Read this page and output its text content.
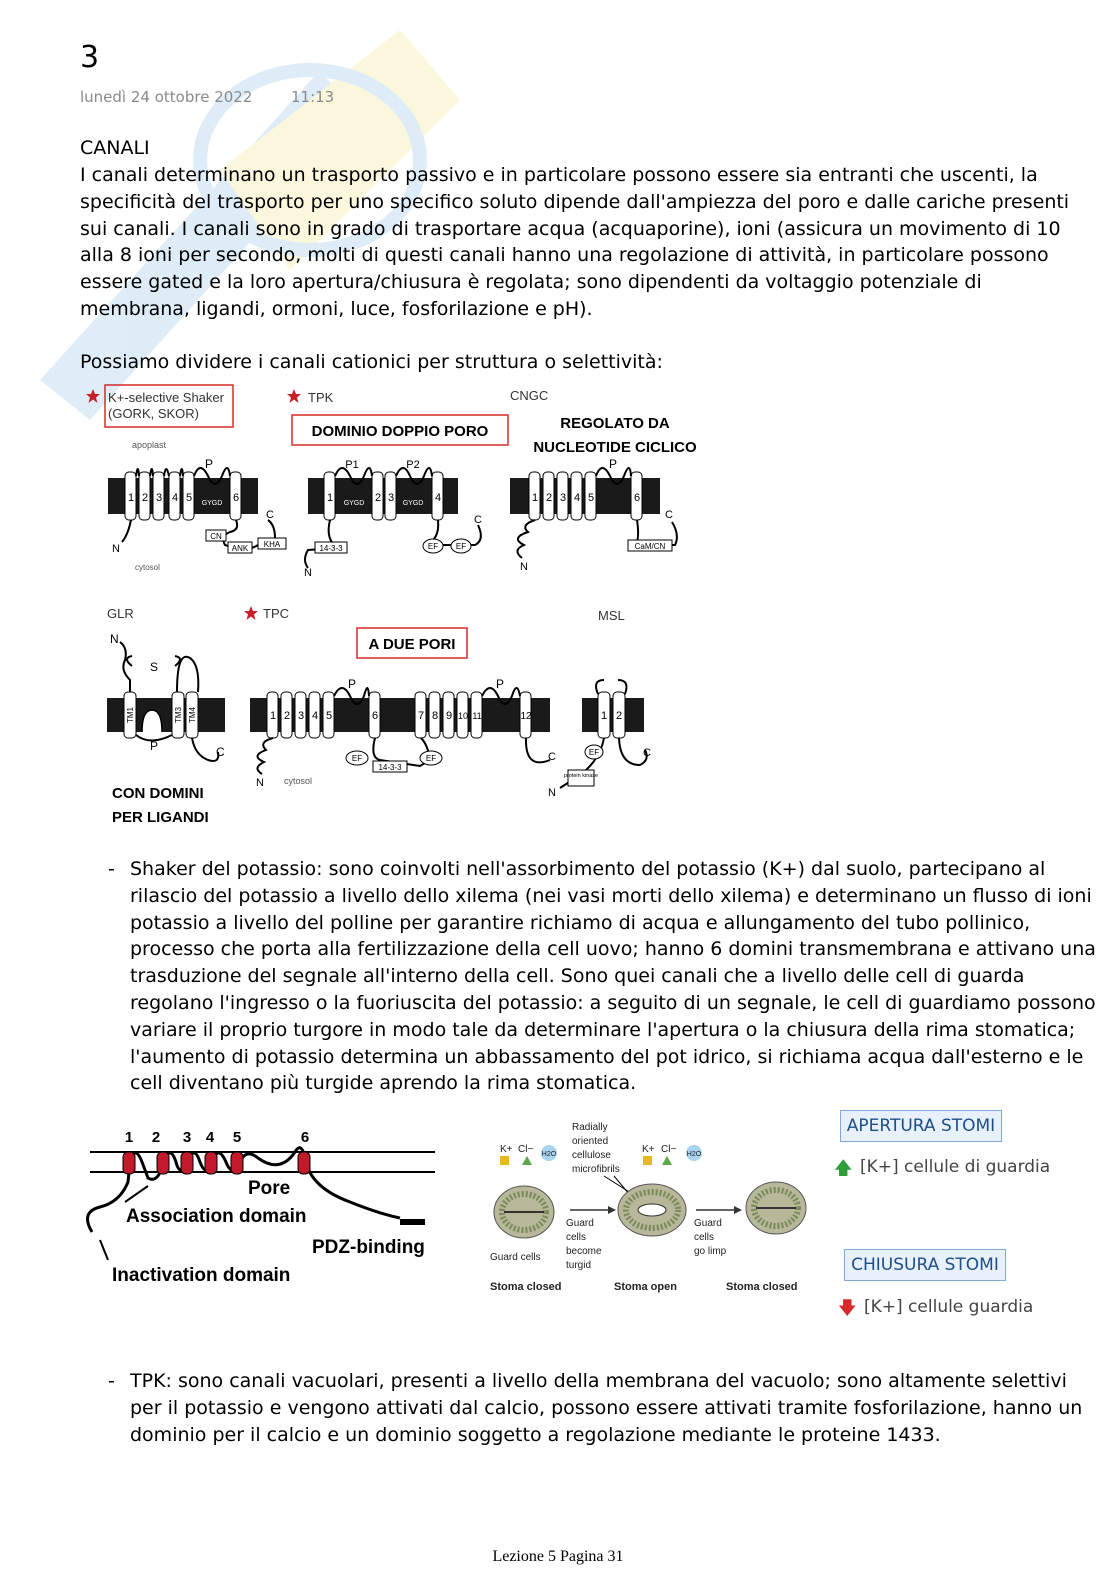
3
lunedì 24 ottobre 2022	11:13
CANALI
I canali determinano un trasporto passivo e in particolare possono essere sia entranti che uscenti, la specificità del trasporto per uno specifico soluto dipende dall'ampiezza del poro e dalle cariche presenti sui canali. I canali sono in grado di trasportare acqua (acquaporine), ioni (assicura un movimento di 10 alla 8 ioni per secondo, molti di questi canali hanno una regolazione di attività, in particolare possono essere gated e la loro apertura/chiusura è regolata; sono dipendenti da voltaggio potenziale di membrana, ligandi, ormoni, luce, fosforilazione e pH).
Possiamo dividere i canali cationici per struttura o selettività:
K+-selective Shaker
(GORK, SKOR)
apoplast
1 2 3 4 5	6
P
GYGD
N
CN
ANK KHA
C
cytosol
TPK
DOMINIO DOPPIO PORO
1	2 3	4
P1	P2
GYGD	GYGD
14-3-3
N
EF EF
C
CNGC
REGOLATO DA
NUCLEOTIDE CICLICO
1 2 3 4 5	6
P
N
CaM/CN
C
GLR
N
S
TM1	TM3 TM4
P	C
CON DOMINI
PER LIGANDI
TPC
A DUE PORI
1 2 3 4 5	6	7 8 9 10 11	12
P	P
N cytosol
EF
14-3-3
EF	C
MSL
1 2
protein kinase
N
EF	C
- Shaker del potassio: sono coinvolti nell'assorbimento del potassio (K+) dal suolo, partecipano al rilascio del potassio a livello dello xilema (nei vasi morti dello xilema) e determinano un flusso di ioni potassio a livello del polline per garantire richiamo di acqua e allungamento del tubo pollinico, processo che porta alla fertilizzazione della cell uovo; hanno 6 domini transmembrana e attivano una trasduzione del segnale all'interno della cell. Sono quei canali che a livello delle cell di guarda regolano l'ingresso o la fuoriuscita del potassio: a seguito di un segnale, le cell di guardiamo possono variare il proprio turgore in modo tale da determinare l'apertura o la chiusura della rima stomatica; l'aumento di potassio determina un abbassamento del pot idrico, si richiama acqua dall'esterno e le cell diventano più turgide aprendo la rima stomatica.
1 2 3 4 5	6
Pore
Association domain
PDZ-binding
Inactivation domain
K+ Cl− H2O	K+ Cl− H2O
Radially
oriented
cellulose
microfibrils
Guard
cells
become
turgid
Guard
cells
go limp
Guard cells
Stoma closed	Stoma open	Stoma closed
APERTURA STOMI
🡅 [K+] cellule di guardia
CHIUSURA STOMI
🡇 [K+] cellule guardia
- TPK: sono canali vacuolari, presenti a livello della membrana del vacuolo; sono altamente selettivi per il potassio e vengono attivati dal calcio, possono essere attivati tramite fosforilazione, hanno un dominio per il calcio e un dominio soggetto a regolazione mediante le proteine 1433.
Lezione 5 Pagina 31
